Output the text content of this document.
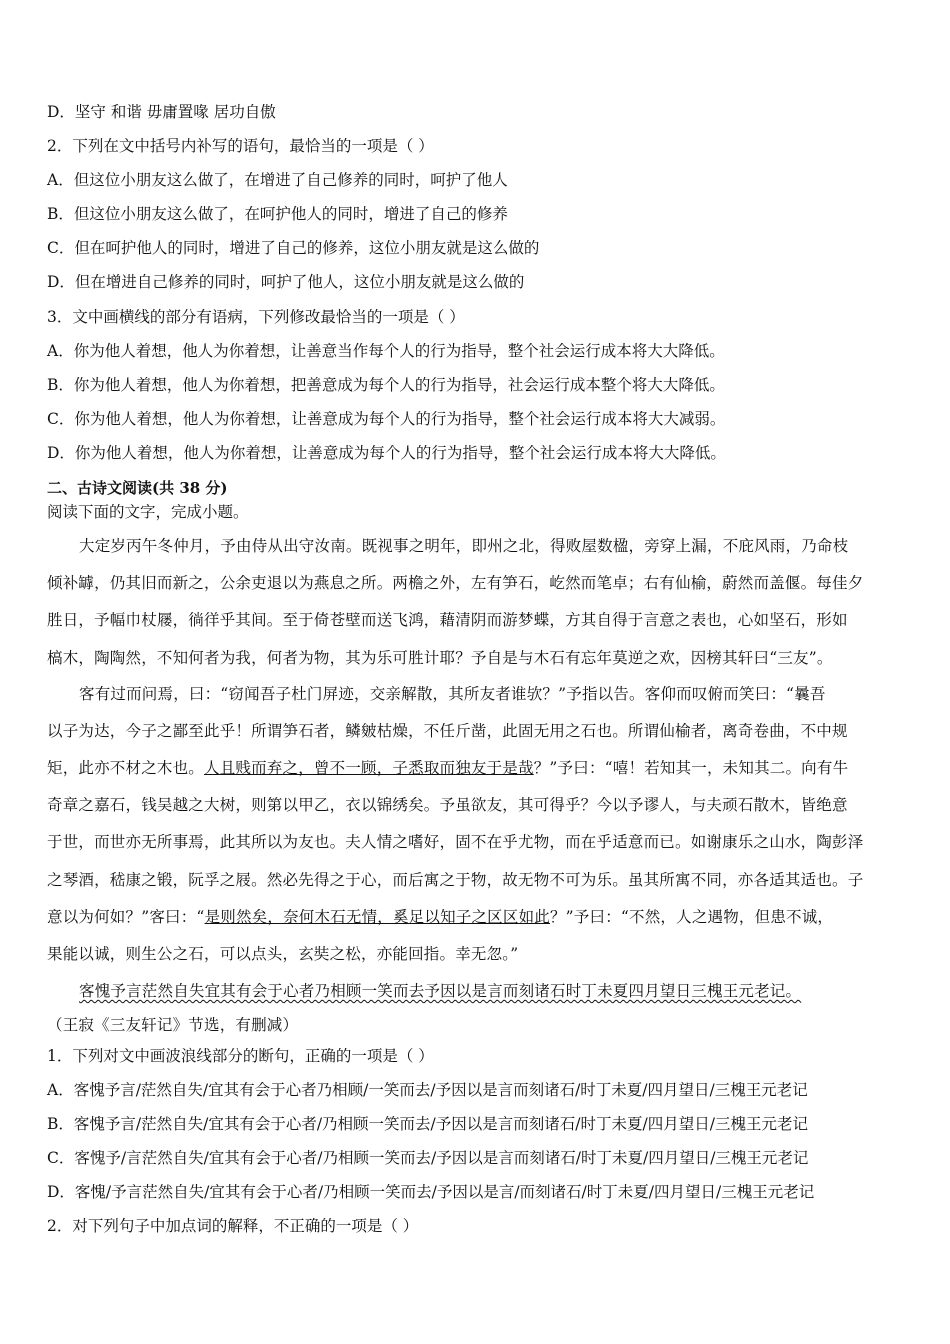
D．坚守 和谐 毋庸置喙 居功自傲
2．下列在文中括号内补写的语句，最恰当的一项是（ ）
A．但这位小朋友这么做了，在增进了自己修养的同时，呵护了他人
B．但这位小朋友这么做了，在呵护他人的同时，增进了自己的修养
C．但在呵护他人的同时，增进了自己的修养，这位小朋友就是这么做的
D．但在增进自己修养的同时，呵护了他人，这位小朋友就是这么做的
3．文中画横线的部分有语病，下列修改最恰当的一项是（ ）
A．你为他人着想，他人为你着想，让善意当作每个人的行为指导，整个社会运行成本将大大降低。
B．你为他人着想，他人为你着想，把善意成为每个人的行为指导，社会运行成本整个将大大降低。
C．你为他人着想，他人为你着想，让善意成为每个人的行为指导，整个社会运行成本将大大减弱。
D．你为他人着想，他人为你着想，让善意成为每个人的行为指导，整个社会运行成本将大大降低。
二、古诗文阅读(共 38 分)
阅读下面的文字，完成小题。
大定岁丙午冬仲月，予由侍从出守汝南。既视事之明年，即州之北，得败屋数楹，旁穿上漏，不庇风雨，乃命枝
倾补罅，仍其旧而新之，公余吏退以为燕息之所。两檐之外，左有笋石，屹然而笔卓；右有仙榆，蔚然而盖偃。每佳夕
胜日，予幅巾杖屦，徜徉乎其间。至于倚苍壁而送飞鸿，藉清阴而游梦蝶，方其自得于言意之表也，心如坚石，形如
槁木，陶陶然，不知何者为我，何者为物，其为乐可胜计耶？予自是与木石有忘年莫逆之欢，因榜其轩曰“三友”。
客有过而问焉，曰：“窃闻吾子杜门屏迹，交亲解散，其所友者谁欤？”予指以告。客仰而叹俯而笑曰：“曩吾
以子为达，今子之鄙至此乎！所谓笋石者，鳞皴枯燥，不任斤凿，此固无用之石也。所谓仙榆者，离奇卷曲，不中规
矩，此亦不材之木也。人且贱而弃之，曾不一顾，子悉取而独友于是哉？”予曰：“嘻！若知其一，未知其二。向有牛
奇章之嘉石，钱吴越之大树，则第以甲乙，衣以锦绣矣。予虽欲友，其可得乎？今以予谬人，与夫顽石散木，皆绝意
于世，而世亦无所事焉，此其所以为友也。夫人情之嗜好，固不在乎尤物，而在乎适意而已。如谢康乐之山水，陶彭泽
之琴酒，嵇康之锻，阮孚之屐。然必先得之于心，而后寓之于物，故无物不可为乐。虽其所寓不同，亦各适其适也。子
意以为何如？”客曰：“是则然矣，奈何木石无情，奚足以知子之区区如此？”予曰：“不然，人之遇物，但患不诚，
果能以诚，则生公之石，可以点头，玄奘之松，亦能回指。幸无忽。”
客愧予言茫然自失宜其有会于心者乃相顾一笑而去予因以是言而刻诸石时丁未夏四月望日三槐王元老记。
（王寂《三友轩记》节选，有删减）
1．下列对文中画波浪线部分的断句，正确的一项是（ ）
A．客愧予言/茫然自失/宜其有会于心者乃相顾/一笑而去/予因以是言而刻诸石/时丁未夏/四月望日/三槐王元老记
B．客愧予言/茫然自失/宜其有会于心者/乃相顾一笑而去/予因以是言而刻诸石/时丁未夏/四月望日/三槐王元老记
C．客愧予/言茫然自失/宜其有会于心者/乃相顾一笑而去/予因以是言而刻诸石/时丁未夏/四月望日/三槐王元老记
D．客愧/予言茫然自失/宜其有会于心者/乃相顾一笑而去/予因以是言/而刻诸石/时丁未夏/四月望日/三槐王元老记
2．对下列句子中加点词的解释，不正确的一项是（ ）
